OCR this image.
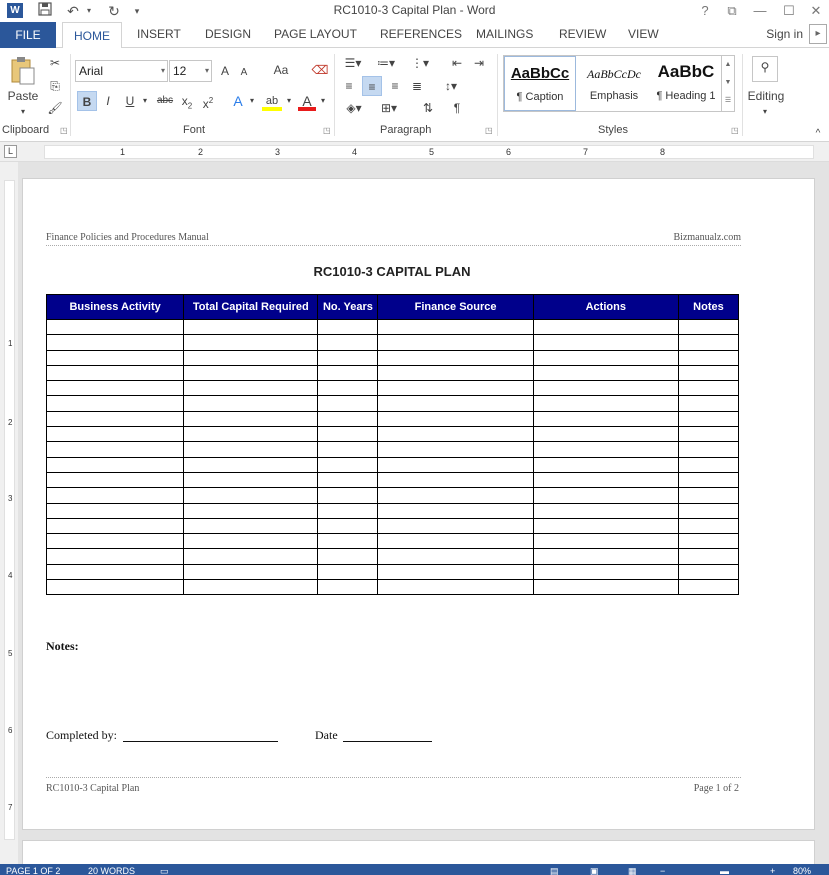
W	↶	▾ ↻	▾	RC1010-3 Capital Plan - Word	?	⧉	—	☐	✕
FILE	HOME	INSERT DESIGN PAGE LAYOUT REFERENCES MAILINGS REVIEW VIEW	Sign in	▸
Paste
▾
✂
⎘
🖌
Clipboard ◳
Arial	▾ 12 ▾ A	A	Aa	⌫
B	I	U	▾ abc $x_2$ $x^2$ A ▾	ab	▾ A	▾
Font	◳
☰▾	≔▾	⋮▾	⇤ ⇥
≡	≡	≡	≣	↕▾
◈▾	⊞▾	⇅	¶
Paragraph	◳
AaBbCc
¶ Caption
AaBbCcDc
Emphasis
AaBbC
¶ Heading 1
▲
▼
☰
Styles	◳
⚲
Editing
▾
^
L	1	2	3	4	5	6	7	8
1
2
3
4
5
6
7
Finance Policies and Procedures Manual	Bizmanualz.com
RC1010-3 CAPITAL PLAN
Business Activity	Total Capital Required	No. Years	Finance Source	Actions	Notes

Notes:
Completed by:	Date
RC1010-3 Capital Plan	Page 1 of 2
PAGE 1 OF 2	20 WORDS	▭	▤	▣	▦	−	▬	+ 80%
